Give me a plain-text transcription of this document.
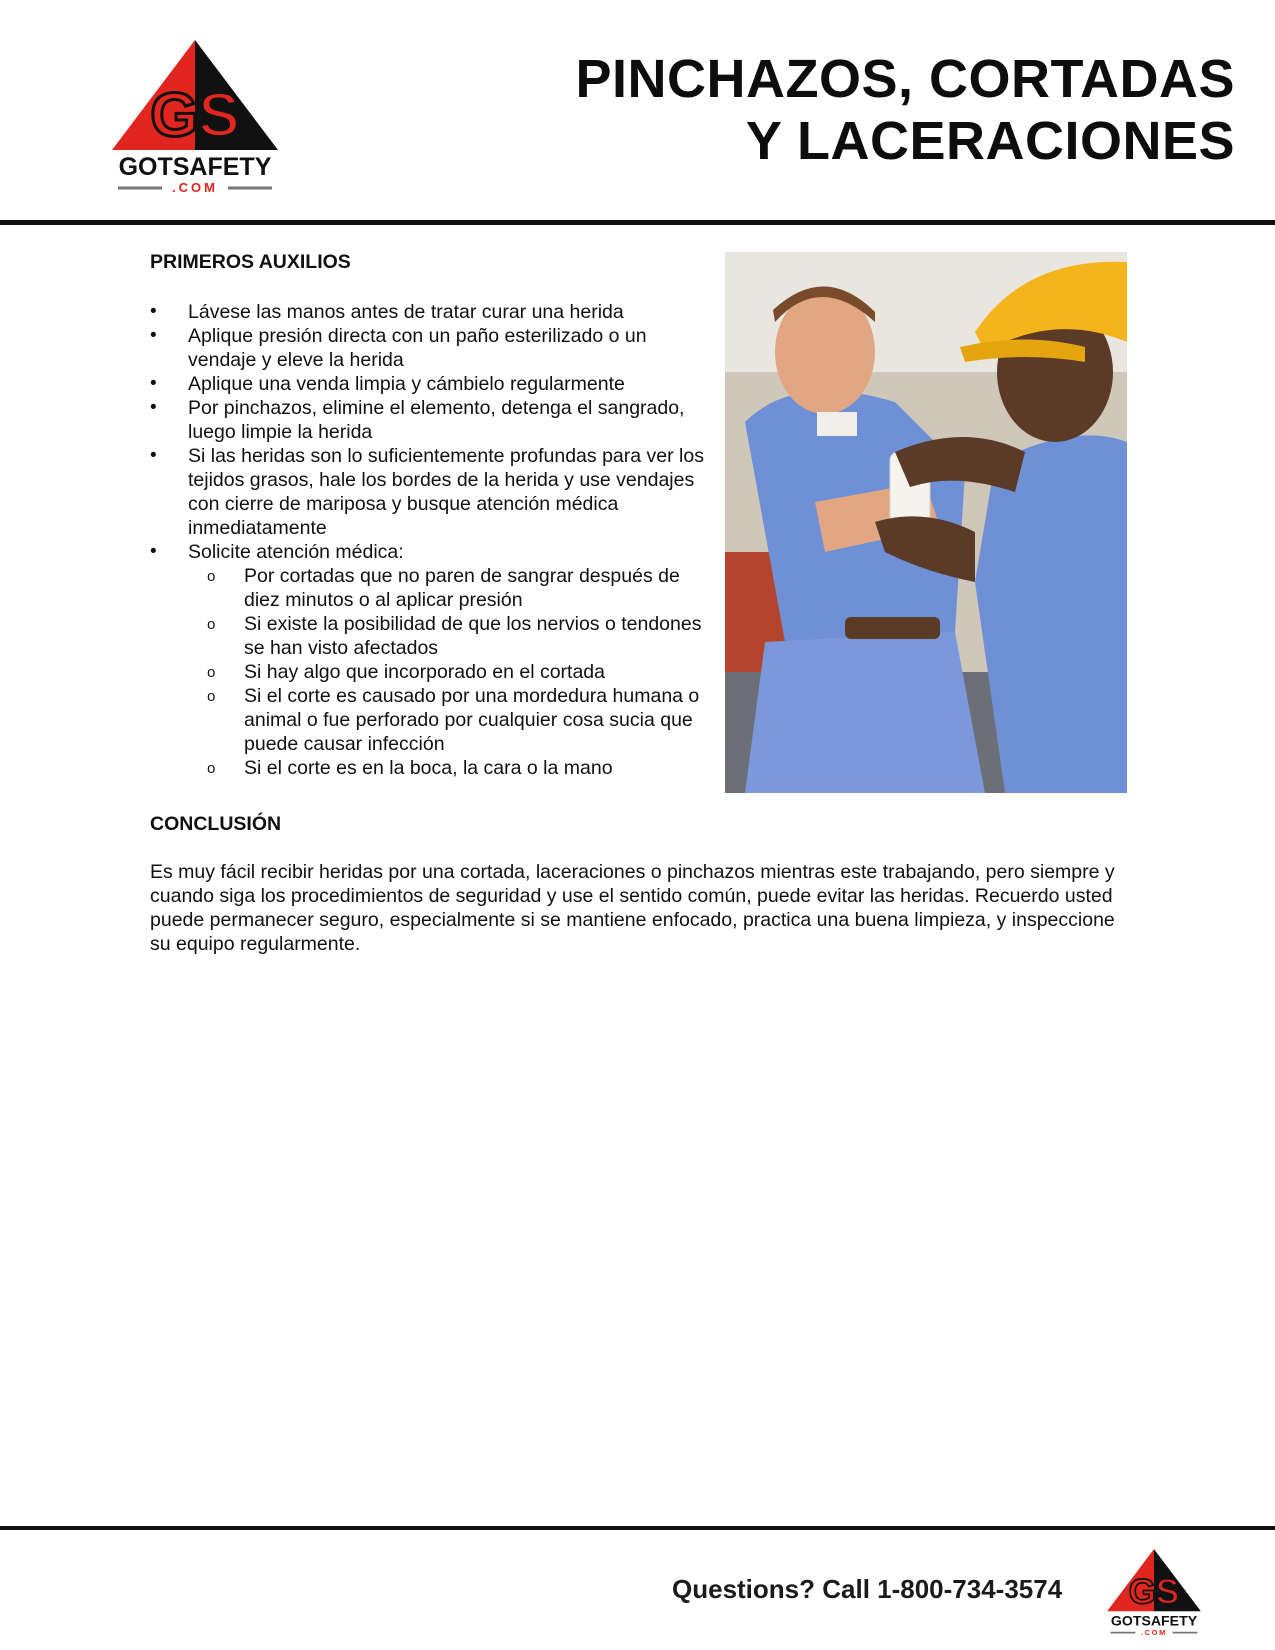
GS
GOTSAFETY
.COM
PINCHAZOS, CORTADAS
Y LACERACIONES
PRIMEROS AUXILIOS
• Lávese las manos antes de tratar curar una herida
• Aplique presión directa con un paño esterilizado o un vendaje y eleve la herida
• Aplique una venda limpia y cámbielo regularmente
• Por pinchazos, elimine el elemento, detenga el sangrado, luego limpie la herida
• Si las heridas son lo suficientemente profundas para ver los tejidos grasos, hale los bordes de la herida y use vendajes con cierre de mariposa y busque atención médica inmediatamente
• Solicite atención médica:
o Por cortadas que no paren de sangrar después de diez minutos o al aplicar presión
o Si existe la posibilidad de que los nervios o tendones se han visto afectados
o Si hay algo que incorporado en el cortada
o Si el corte es causado por una mordedura humana o animal o fue perforado por cualquier cosa sucia que puede causar infección
o Si el corte es en la boca, la cara o la mano
CONCLUSIÓN

Es muy fácil recibir heridas por una cortada, laceraciones o pinchazos mientras este trabajando, pero siempre y cuando siga los procedimientos de seguridad y use el sentido común, puede evitar las heridas. Recuerdo usted puede permanecer seguro, especialmente si se mantiene enfocado, practica una buena limpieza, y inspeccione su equipo regularmente.

Questions? Call 1-800-734-3574 GS
GOTSAFETY
.COM
